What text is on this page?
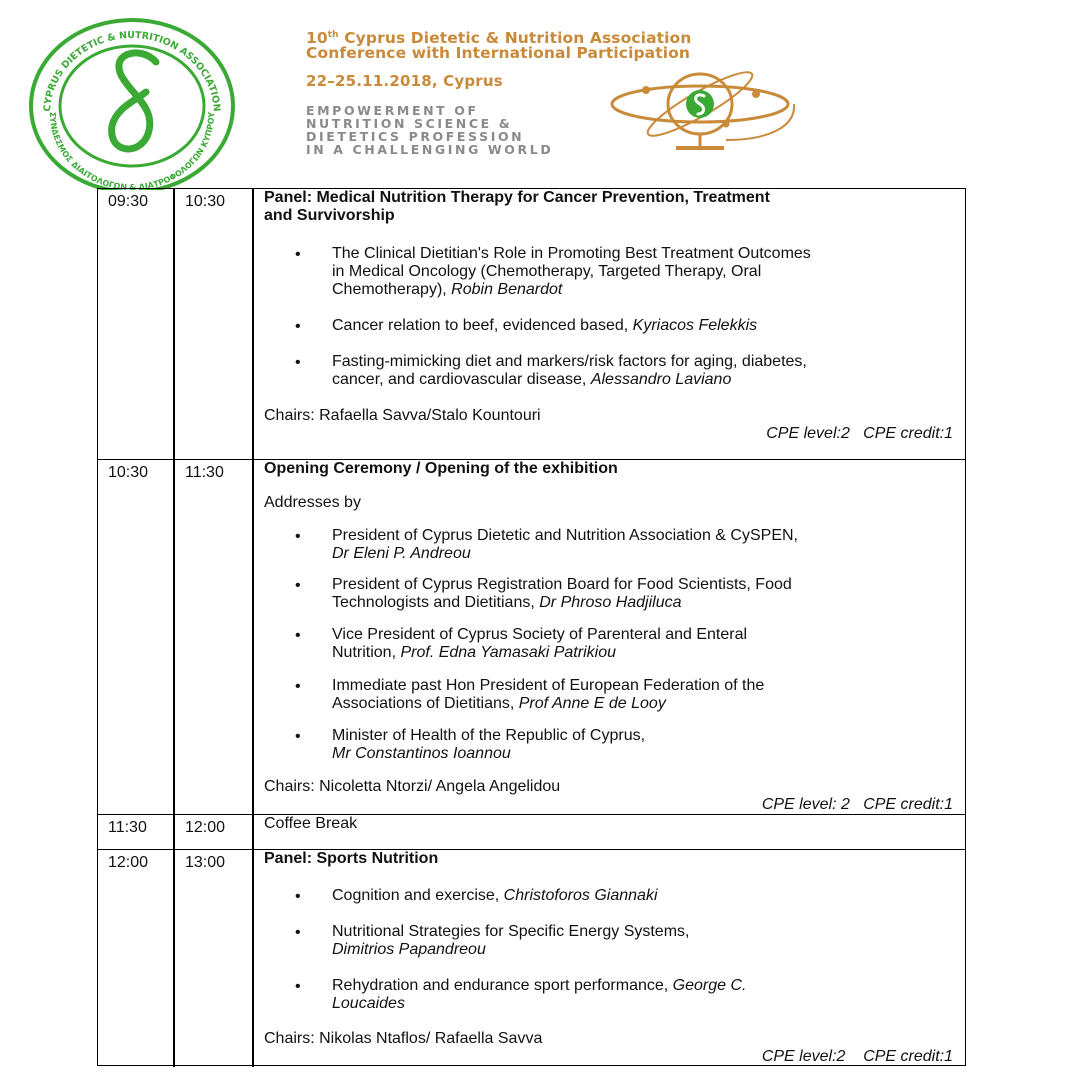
CYPRUS DIETETIC & NUTRITION ASSOCIATION
ΣΥΝΔΕΣΜΟΣ ΔΙΑΙΤΟΛΟΓΩΝ & ΔΙΑΤΡΟΦΟΛΟΓΩΝ ΚΥΠΡΟΥ
10th Cyprus Dietetic & Nutrition Association
Conference with International Participation
22–25.11.2018, Cyprus
EMPOWERMENT OF
NUTRITION SCIENCE &
DIETETICS PROFESSION
IN A CHALLENGING WORLD
09:30 10:30 Panel: Medical Nutrition Therapy for Cancer Prevention, Treatment
and Survivorship
• The Clinical Dietitian's Role in Promoting Best Treatment Outcomes
in Medical Oncology (Chemotherapy, Targeted Therapy, Oral
Chemotherapy), Robin Benardot
• Cancer relation to beef, evidenced based, Kyriacos Felekkis
• Fasting-mimicking diet and markers/risk factors for aging, diabetes,
cancer, and cardiovascular disease, Alessandro Laviano
Chairs: Rafaella Savva/Stalo Kountouri
CPE level:2   CPE credit:1
10:30 11:30	Opening Ceremony / Opening of the exhibition
Addresses by
• President of Cyprus Dietetic and Nutrition Association & CySPEN,
Dr Eleni P. Andreou
• President of Cyprus Registration Board for Food Scientists, Food
Technologists and Dietitians, Dr Phroso Hadjiluca
• Vice President of Cyprus Society of Parenteral and Enteral
Nutrition, Prof. Edna Yamasaki Patrikiou
• Immediate past Hon President of European Federation of the
Associations of Dietitians, Prof Anne E de Looy
• Minister of Health of the Republic of Cyprus,
Mr Constantinos Ioannou
Chairs: Nicoletta Ntorzi/ Angela Angelidou
CPE level: 2   CPE credit:1
11:30 12:00 Coffee Break
12:00 13:00 Panel: Sports Nutrition
• Cognition and exercise, Christoforos Giannaki
• Nutritional Strategies for Specific Energy Systems,
Dimitrios Papandreou
• Rehydration and endurance sport performance, George C.
Loucaides
Chairs: Nikolas Ntaflos/ Rafaella Savva
CPE level:2    CPE credit:1
